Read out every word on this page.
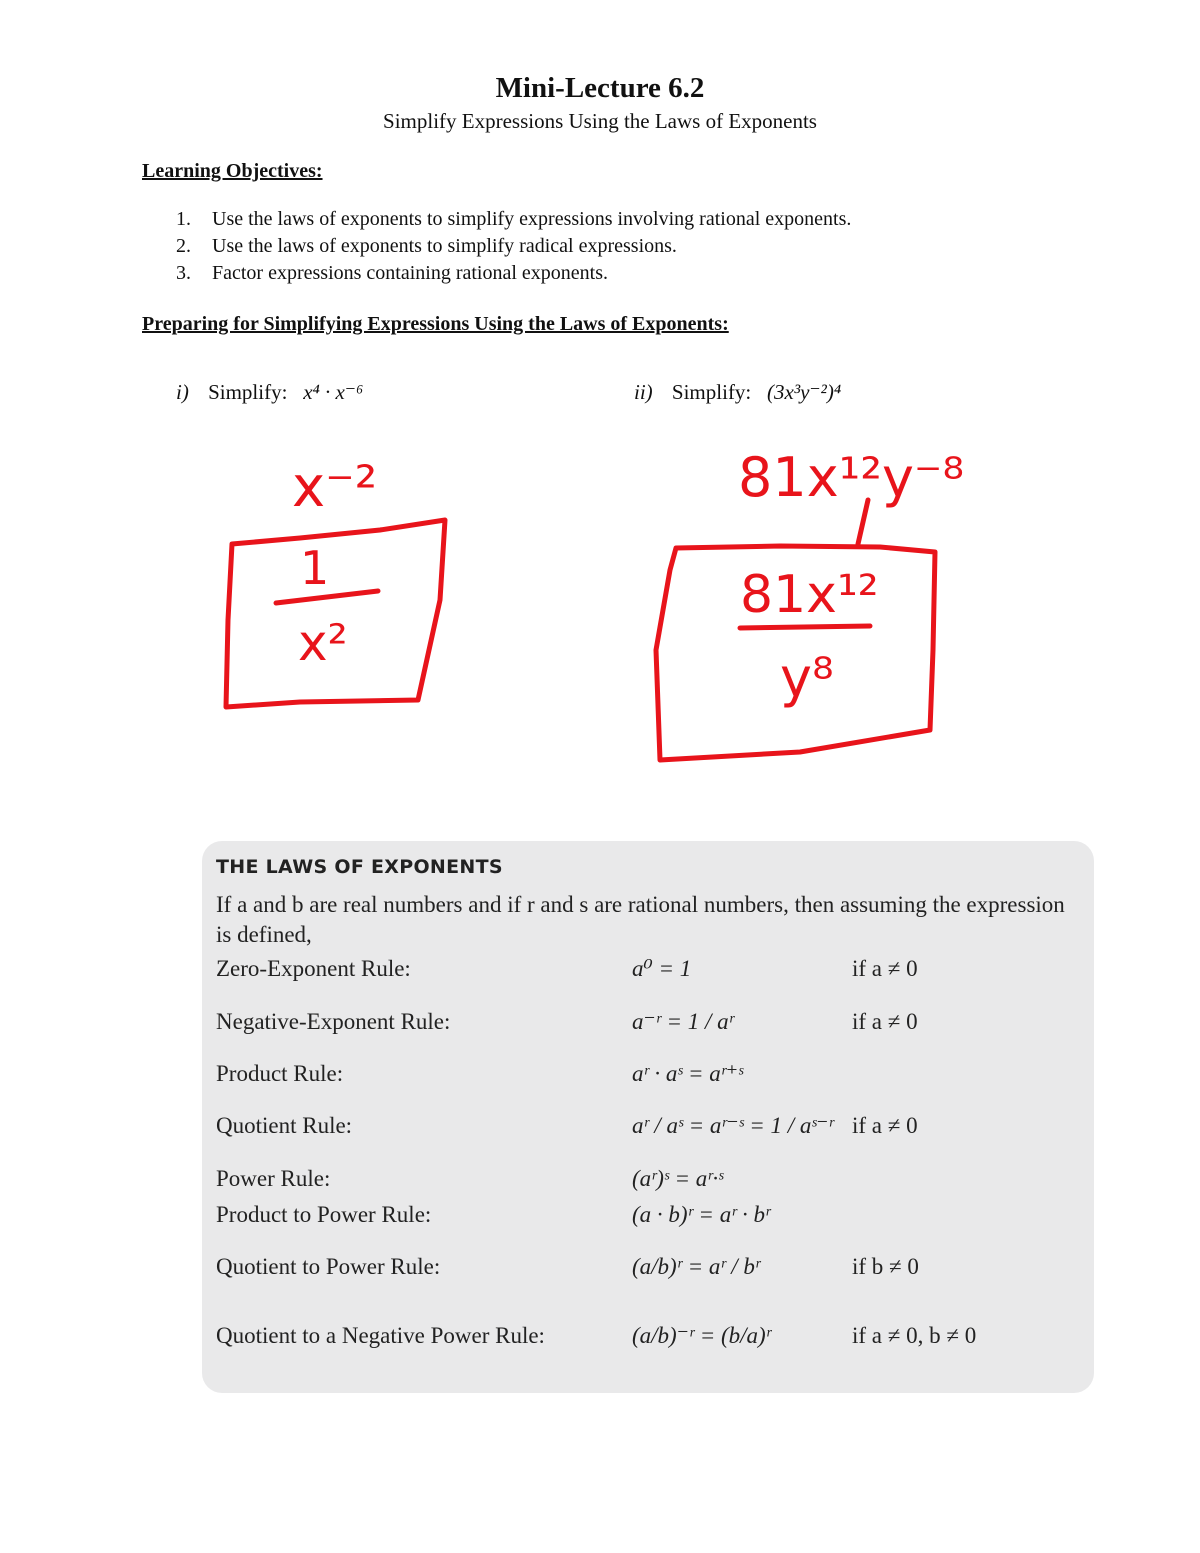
Mini-Lecture 6.2
Simplify Expressions Using the Laws of Exponents
Learning Objectives:
1. Use the laws of exponents to simplify expressions involving rational exponents.
2. Use the laws of exponents to simplify radical expressions.
3. Factor expressions containing rational exponents.
Preparing for Simplifying Expressions Using the Laws of Exponents:
i) Simplify: x⁴ · x⁻⁶	ii) Simplify: (3x³y⁻²)⁴
x⁻²
1
x²
81x¹²y⁻⁸
81x¹²
y⁸
THE LAWS OF EXPONENTS
If a and b are real numbers and if r and s are rational numbers, then assuming the expression is defined,
Zero-Exponent Rule:	a⁰ = 1	if a ≠ 0
Negative-Exponent Rule:	a⁻ʳ = 1 / aʳ	if a ≠ 0
Product Rule:	aʳ · aˢ = aʳ⁺ˢ
Quotient Rule:	aʳ / aˢ = aʳ⁻ˢ = 1 / aˢ⁻ʳ if a ≠ 0
Power Rule:	(aʳ)ˢ = aʳ·ˢ
Product to Power Rule:	(a · b)ʳ = aʳ · bʳ
Quotient to Power Rule:	(a/b)ʳ = aʳ / bʳ	if b ≠ 0
Quotient to a Negative Power Rule:	(a/b)⁻ʳ = (b/a)ʳ	if a ≠ 0, b ≠ 0
